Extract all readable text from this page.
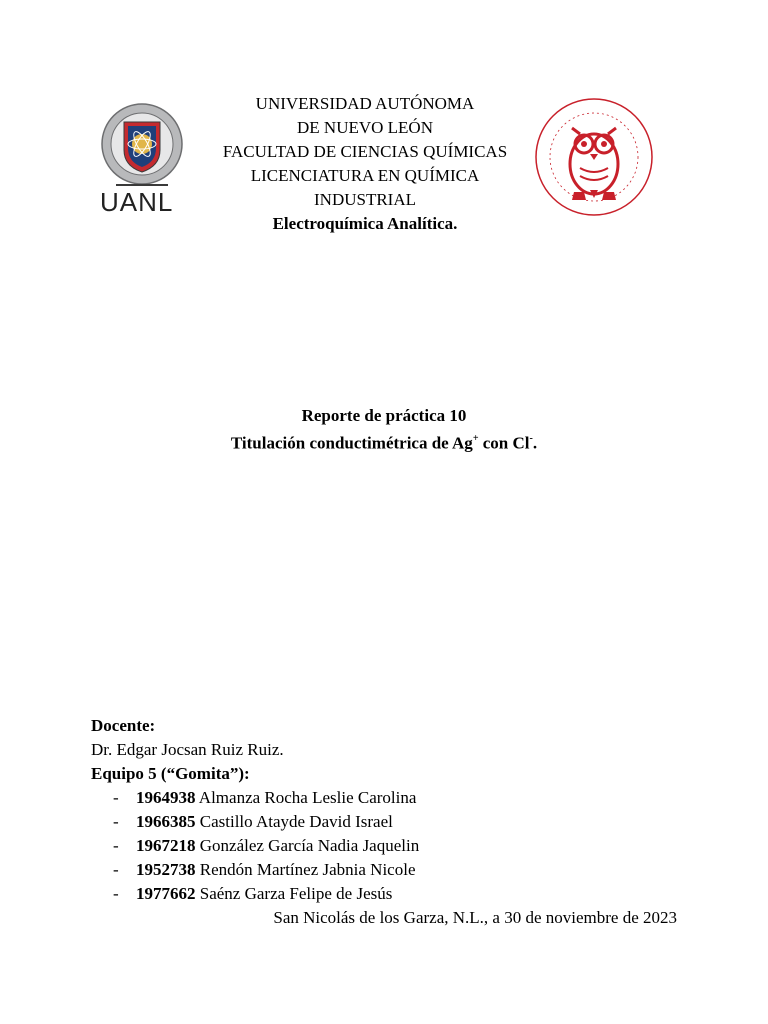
UANL
UNIVERSIDAD AUTÓNOMA
DE NUEVO LEÓN
FACULTAD DE CIENCIAS QUÍMICAS
LICENCIATURA EN QUÍMICA
INDUSTRIAL
Electroquímica Analítica.
Reporte de práctica 10
Titulación conductimétrica de Ag+ con Cl-.
Docente:
Dr. Edgar Jocsan Ruiz Ruiz.
Equipo 5 (“Gomita”):
- 1964938 Almanza Rocha Leslie Carolina
- 1966385 Castillo Atayde David Israel
- 1967218 González García Nadia Jaquelin
- 1952738 Rendón Martínez Jabnia Nicole
- 1977662 Saénz Garza Felipe de Jesús
San Nicolás de los Garza, N.L., a 30 de noviembre de 2023
